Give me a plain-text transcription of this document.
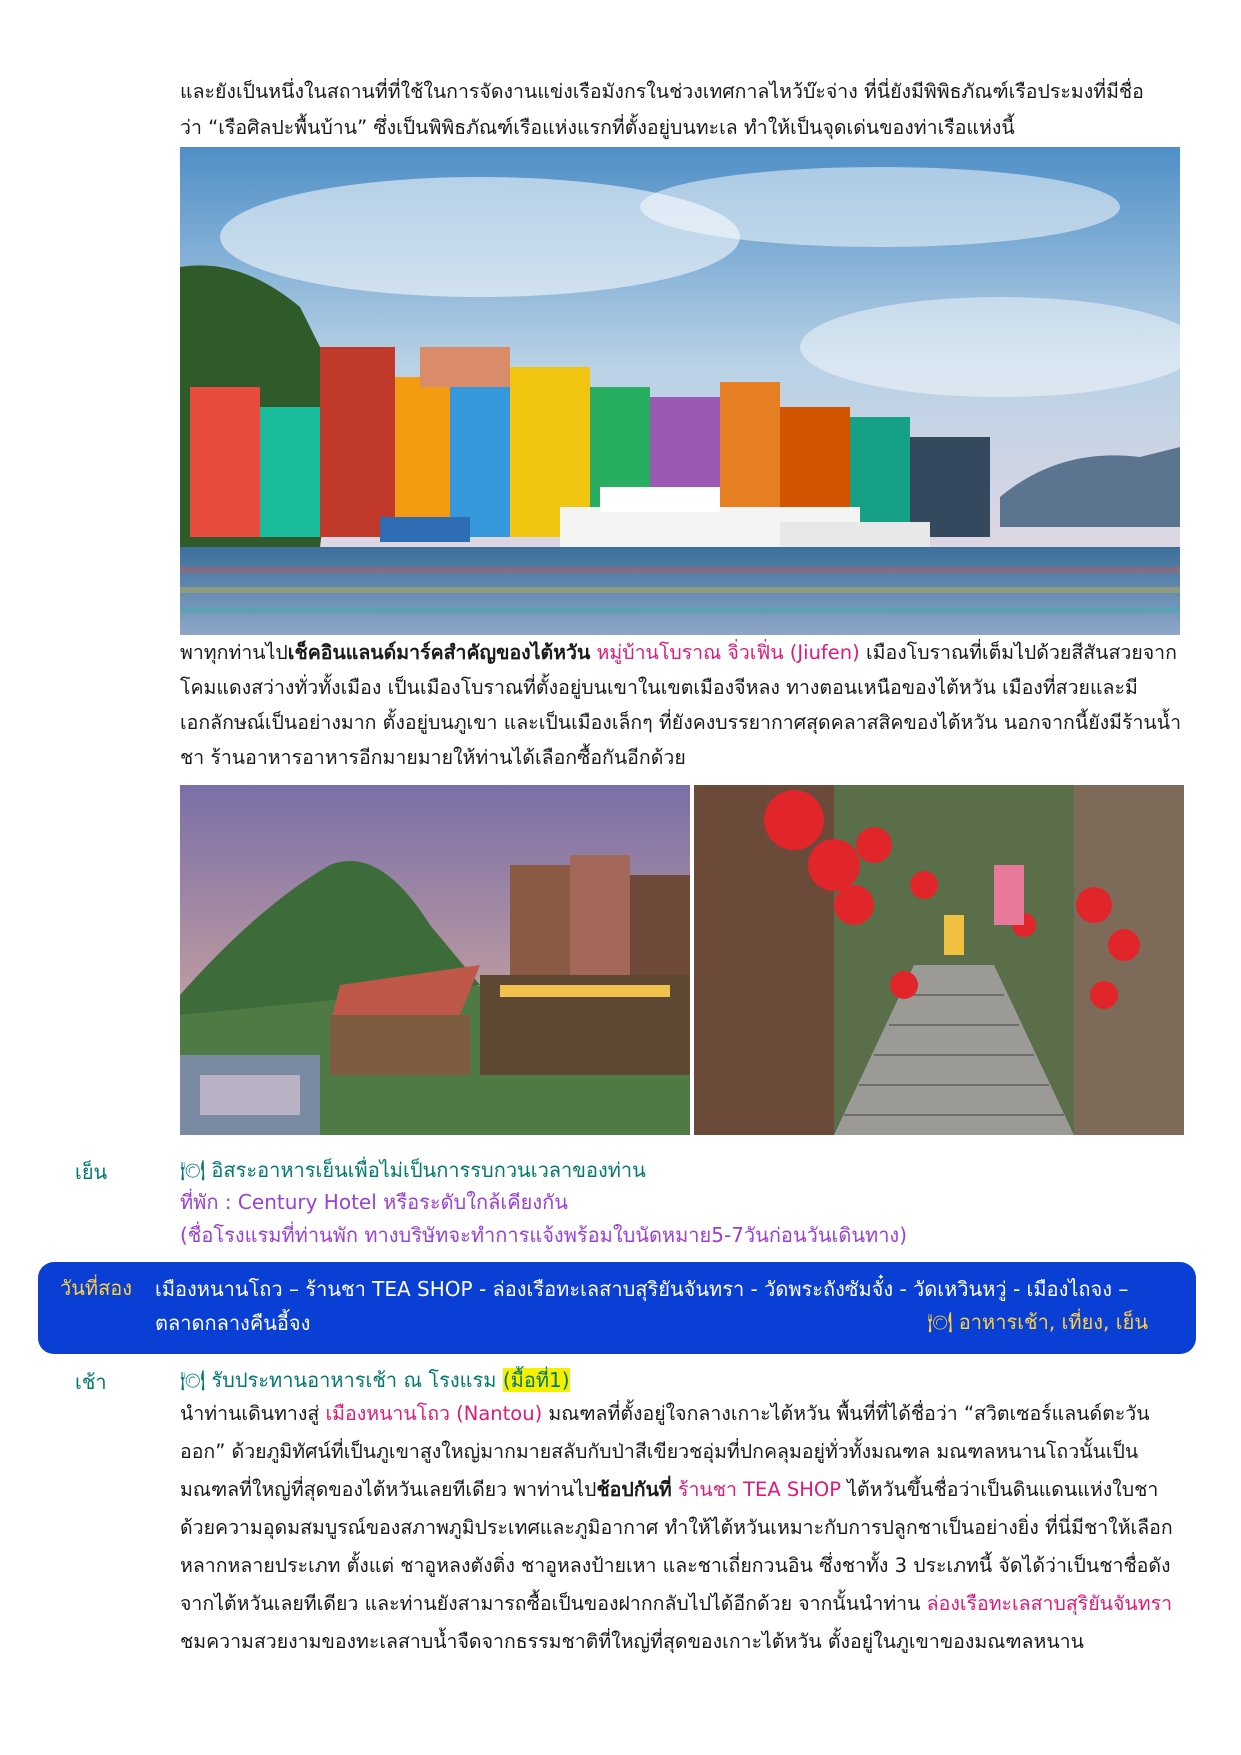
และยังเป็นหนึ่งในสถานที่ที่ใช้ในการจัดงานแข่งเรือมังกรในช่วงเทศกาลไหว้บ๊ะจ่าง ที่นี่ยังมีพิพิธภัณฑ์เรือประมงที่มีชื่อ
ว่า “เรือศิลปะพื้นบ้าน” ซึ่งเป็นพิพิธภัณฑ์เรือแห่งแรกที่ตั้งอยู่บนทะเล ทำให้เป็นจุดเด่นของท่าเรือแห่งนี้

พาทุกท่านไปเช็คอินแลนด์มาร์คสำคัญของไต้หวัน หมู่บ้านโบราณ จิ่วเฟิ่น (Jiufen) เมืองโบราณที่เต็มไปด้วยสีสันสวยจากโคมแดงสว่างทั่วทั้งเมือง เป็นเมืองโบราณที่ตั้งอยู่บนเขาในเขตเมืองจีหลง ทางตอนเหนือของไต้หวัน เมืองที่สวยและมีเอกลักษณ์เป็นอย่างมาก ตั้งอยู่บนภูเขา และเป็นเมืองเล็กๆ ที่ยังคงบรรยากาศสุดคลาสสิคของไต้หวัน นอกจากนี้ยังมีร้านน้ำชา ร้านอาหารอาหารอีกมายมายให้ท่านได้เลือกซื้อกันอีกด้วย

เย็น	🍽 อิสระอาหารเย็นเพื่อไม่เป็นการรบกวนเวลาของท่าน
ที่พัก : Century Hotel หรือระดับใกล้เคียงกัน
(ชื่อโรงแรมที่ท่านพัก ทางบริษัทจะทำการแจ้งพร้อมใบนัดหมาย5-7วันก่อนวันเดินทาง)
วันที่สอง เมืองหนานโถว – ร้านชา TEA SHOP - ล่องเรือทะเลสาบสุริยันจันทรา - วัดพระถังซัมจั๋ง - วัดเหวินหวู่ - เมืองไถจง –
ตลาดกลางคืนอี้จง	🍽 อาหารเช้า, เที่ยง, เย็น
เช้า	🍽 รับประทานอาหารเช้า ณ โรงแรม (มื้อที่1)

นำท่านเดินทางสู่ เมืองหนานโถว (Nantou) มณฑลที่ตั้งอยู่ใจกลางเกาะไต้หวัน พื้นที่ที่ได้ชื่อว่า “สวิตเซอร์แลนด์ตะวันออก” ด้วยภูมิทัศน์ที่เป็นภูเขาสูงใหญ่มากมายสลับกับป่าสีเขียวชอุ่มที่ปกคลุมอยู่ทั่วทั้งมณฑล มณฑลหนานโถวนั้นเป็นมณฑลที่ใหญ่ที่สุดของไต้หวันเลยทีเดียว พาท่านไปช้อปกันที่ ร้านชา TEA SHOP ไต้หวันขึ้นชื่อว่าเป็นดินแดนแห่งใบชา ด้วยความอุดมสมบูรณ์ของสภาพภูมิประเทศและภูมิอากาศ ทำให้ไต้หวันเหมาะกับการปลูกชาเป็นอย่างยิ่ง ที่นี่มีชาให้เลือกหลากหลายประเภท ตั้งแต่ ชาอูหลงตังติ่ง ชาอูหลงป้ายเหา และชาเถี่ยกวนอิน ซึ่งชาทั้ง 3 ประเภทนี้ จัดได้ว่าเป็นชาชื่อดังจากไต้หวันเลยทีเดียว และท่านยังสามารถซื้อเป็นของฝากกลับไปได้อีกด้วย จากนั้นนำท่าน ล่องเรือทะเลสาบสุริยันจันทรา ชมความสวยงามของทะเลสาบน้ำจืดจากธรรมชาติที่ใหญ่ที่สุดของเกาะไต้หวัน ตั้งอยู่ในภูเขาของมณฑลหนาน
